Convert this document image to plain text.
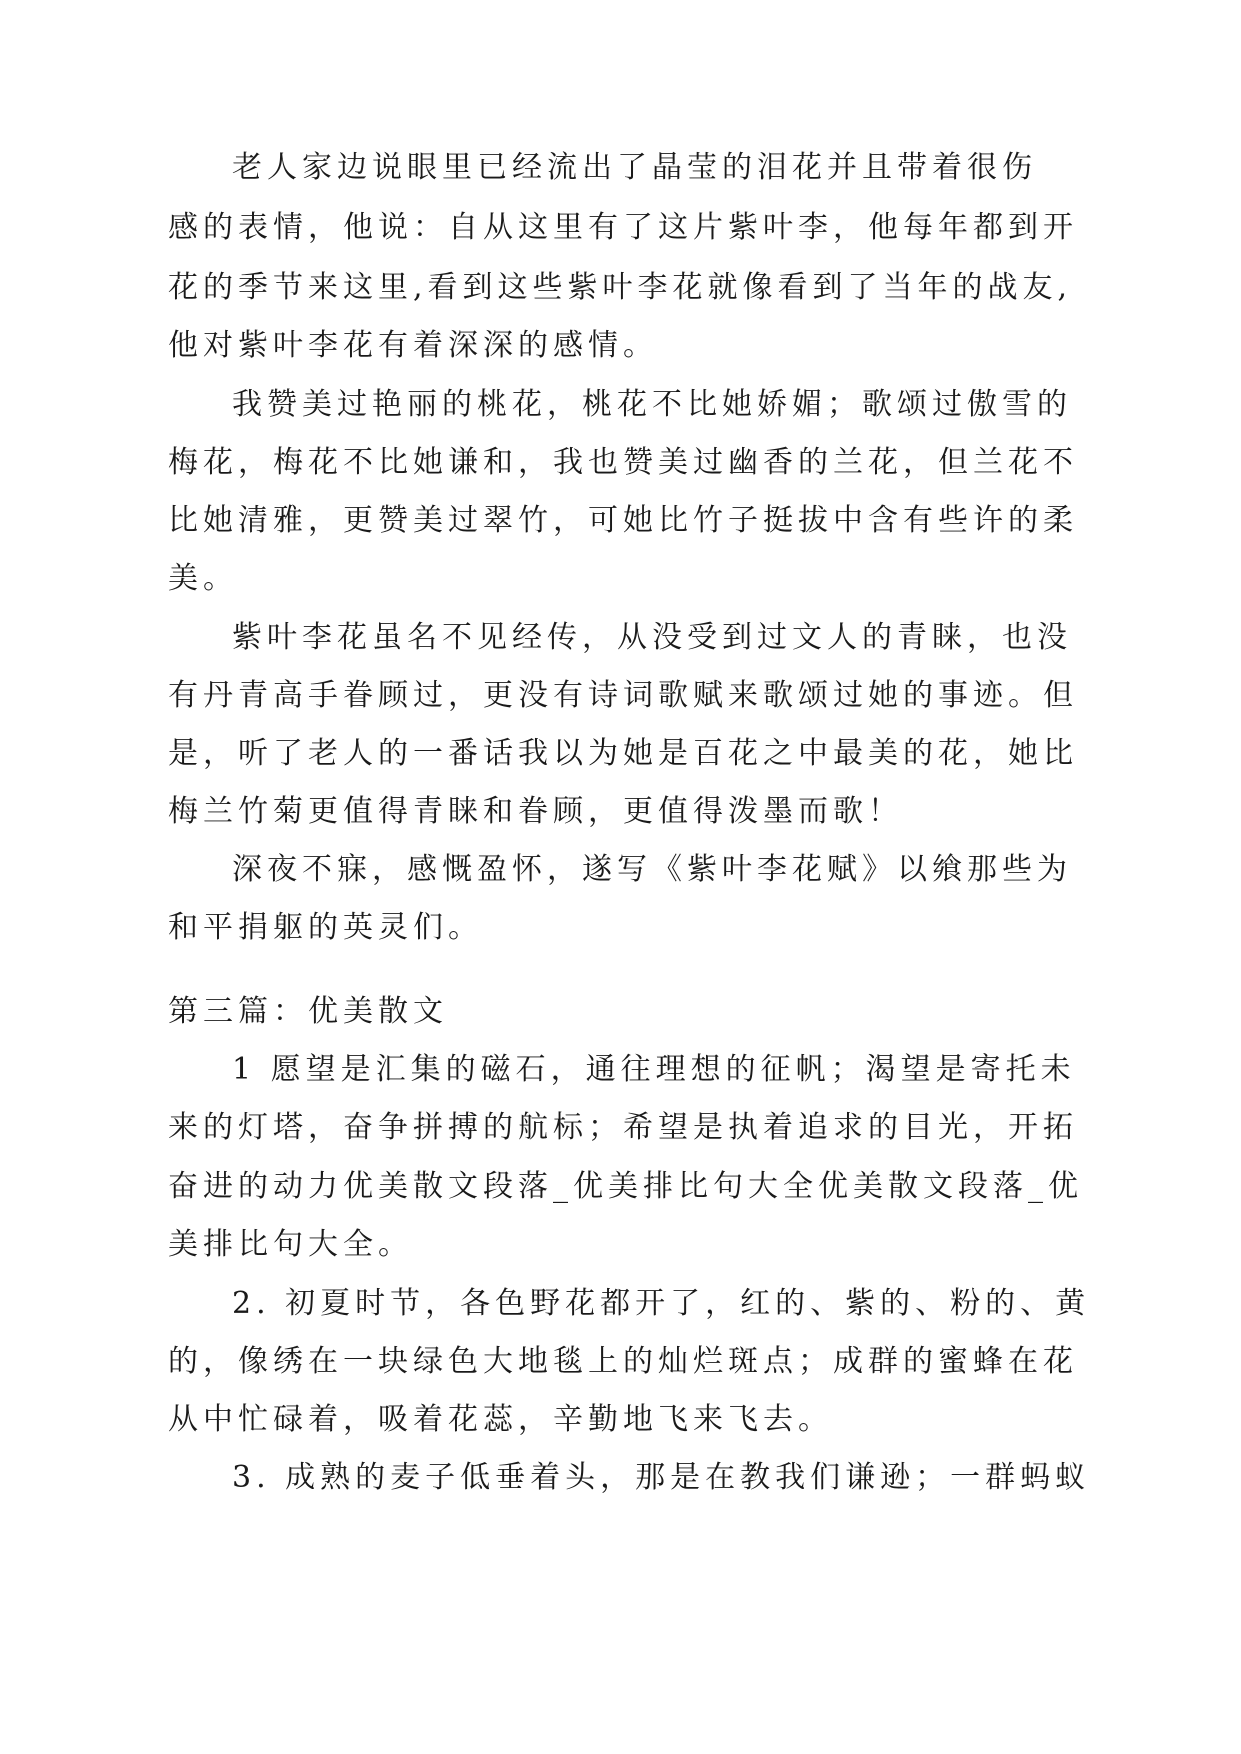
老人家边说眼里已经流出了晶莹的泪花并且带着很伤
感的表情，他说：自从这里有了这片紫叶李，他每年都到开
花的季节来这里,看到这些紫叶李花就像看到了当年的战友,
他对紫叶李花有着深深的感情。
我赞美过艳丽的桃花，桃花不比她娇媚；歌颂过傲雪的
梅花，梅花不比她谦和，我也赞美过幽香的兰花，但兰花不
比她清雅，更赞美过翠竹，可她比竹子挺拔中含有些许的柔
美。
紫叶李花虽名不见经传，从没受到过文人的青睐，也没
有丹青高手眷顾过，更没有诗词歌赋来歌颂过她的事迹。但
是，听了老人的一番话我以为她是百花之中最美的花，她比
梅兰竹菊更值得青睐和眷顾，更值得泼墨而歌！
深夜不寐，感慨盈怀，遂写《紫叶李花赋》以飨那些为
和平捐躯的英灵们。
第三篇：优美散文
1 愿望是汇集的磁石，通往理想的征帆；渴望是寄托未
来的灯塔，奋争拼搏的航标；希望是执着追求的目光，开拓
奋进的动力优美散文段落_优美排比句大全优美散文段落_优
美排比句大全。
2. 初夏时节，各色野花都开了，红的、紫的、粉的、黄
的，像绣在一块绿色大地毯上的灿烂斑点；成群的蜜蜂在花
从中忙碌着，吸着花蕊，辛勤地飞来飞去。
3. 成熟的麦子低垂着头，那是在教我们谦逊；一群蚂蚁
